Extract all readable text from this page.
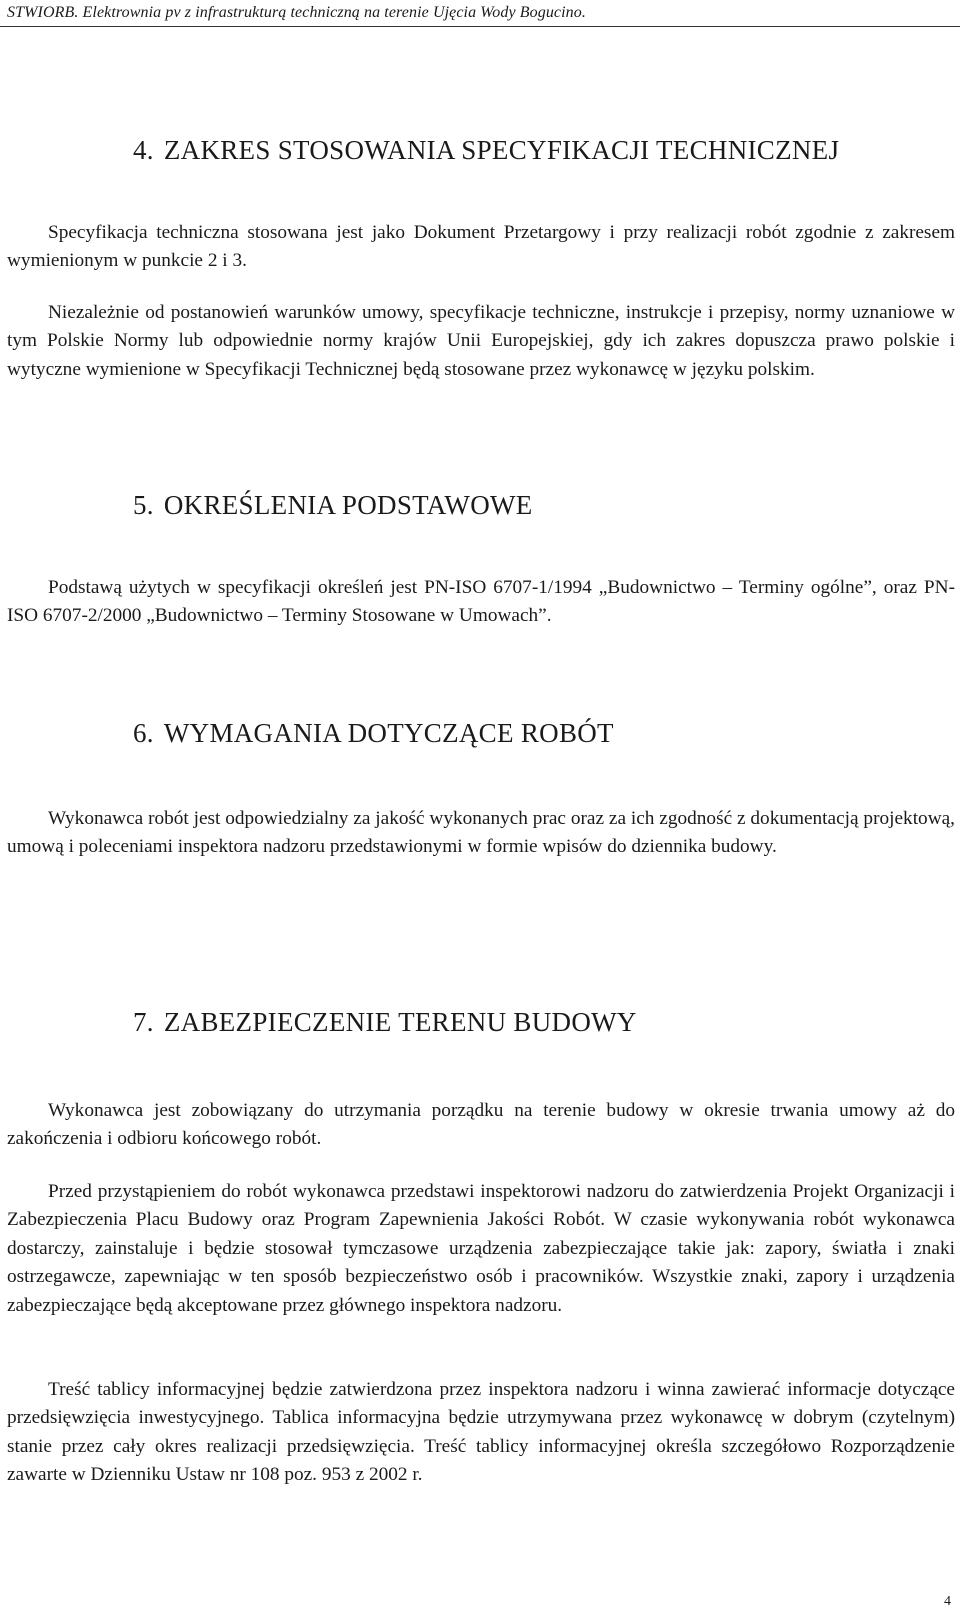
STWIORB. Elektrownia pv z infrastrukturą techniczną na terenie Ujęcia Wody Bogucino.
4. ZAKRES STOSOWANIA SPECYFIKACJI TECHNICZNEJ

Specyfikacja techniczna stosowana jest jako Dokument Przetargowy i przy realizacji robót zgodnie z zakresem wymienionym w punkcie 2 i 3.

Niezależnie od postanowień warunków umowy, specyfikacje techniczne, instrukcje i przepisy, normy uznaniowe w tym Polskie Normy lub odpowiednie normy krajów Unii Europejskiej, gdy ich zakres dopuszcza prawo polskie i wytyczne wymienione w Specyfikacji Technicznej będą stosowane przez wykonawcę w języku polskim.

5. OKREŚLENIA PODSTAWOWE

Podstawą użytych w specyfikacji określeń jest PN-ISO 6707-1/1994 „Budownictwo – Terminy ogólne”, oraz PN-ISO 6707-2/2000 „Budownictwo – Terminy Stosowane w Umowach”.

6. WYMAGANIA DOTYCZĄCE ROBÓT

Wykonawca robót jest odpowiedzialny za jakość wykonanych prac oraz za ich zgodność z dokumentacją projektową, umową i poleceniami inspektora nadzoru przedstawionymi w formie wpisów do dziennika budowy.

7. ZABEZPIECZENIE TERENU BUDOWY

Wykonawca jest zobowiązany do utrzymania porządku na terenie budowy w okresie trwania umowy aż do zakończenia i odbioru końcowego robót.

Przed przystąpieniem do robót wykonawca przedstawi inspektorowi nadzoru do zatwierdzenia Projekt Organizacji i Zabezpieczenia Placu Budowy oraz Program Zapewnienia Jakości Robót. W czasie wykonywania robót wykonawca dostarczy, zainstaluje i będzie stosował tymczasowe urządzenia zabezpieczające takie jak: zapory, światła i znaki ostrzegawcze, zapewniając w ten sposób bezpieczeństwo osób i pracowników. Wszystkie znaki, zapory i urządzenia zabezpieczające będą akceptowane przez głównego inspektora nadzoru.

Treść tablicy informacyjnej będzie zatwierdzona przez inspektora nadzoru i winna zawierać informacje dotyczące przedsięwzięcia inwestycyjnego. Tablica informacyjna będzie utrzymywana przez wykonawcę w dobrym (czytelnym) stanie przez cały okres realizacji przedsięwzięcia. Treść tablicy informacyjnej określa szczegółowo Rozporządzenie zawarte w Dzienniku Ustaw nr 108 poz. 953 z 2002 r.

4
